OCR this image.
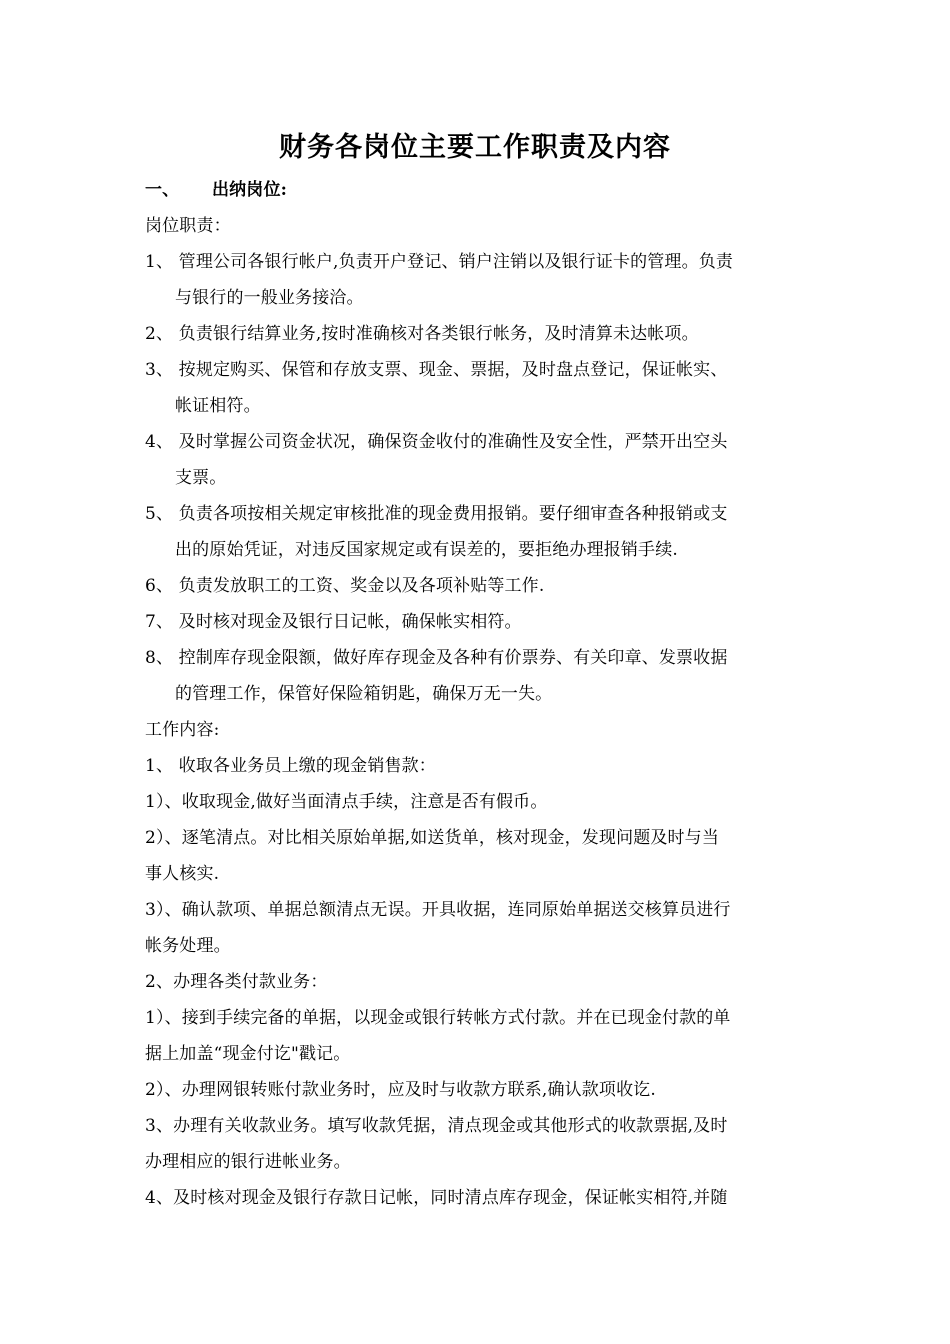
财务各岗位主要工作职责及内容
一、 出纳岗位:
岗位职责：
1、 管理公司各银行帐户,负责开户登记、销户注销以及银行证卡的管理。负责
与银行的一般业务接洽。
2、 负责银行结算业务,按时准确核对各类银行帐务，及时清算未达帐项。
3、 按规定购买、保管和存放支票、现金、票据，及时盘点登记，保证帐实、
帐证相符。
4、 及时掌握公司资金状况，确保资金收付的准确性及安全性，严禁开出空头
支票。
5、 负责各项按相关规定审核批准的现金费用报销。要仔细审查各种报销或支
出的原始凭证，对违反国家规定或有误差的，要拒绝办理报销手续.
6、 负责发放职工的工资、奖金以及各项补贴等工作.
7、 及时核对现金及银行日记帐，确保帐实相符。
8、 控制库存现金限额，做好库存现金及各种有价票券、有关印章、发票收据
的管理工作，保管好保险箱钥匙，确保万无一失。
工作内容:
1、 收取各业务员上缴的现金销售款：
1）、收取现金,做好当面清点手续，注意是否有假币。
2）、逐笔清点。对比相关原始单据,如送货单，核对现金，发现问题及时与当
事人核实.
3）、确认款项、单据总额清点无误。开具收据，连同原始单据送交核算员进行
帐务处理。
2、办理各类付款业务：
1）、接到手续完备的单据，以现金或银行转帐方式付款。并在已现金付款的单
据上加盖“现金付讫"戳记。
2）、办理网银转账付款业务时，应及时与收款方联系,确认款项收讫.
3、办理有关收款业务。填写收款凭据，清点现金或其他形式的收款票据,及时
办理相应的银行进帐业务。
4、及时核对现金及银行存款日记帐，同时清点库存现金，保证帐实相符,并随
